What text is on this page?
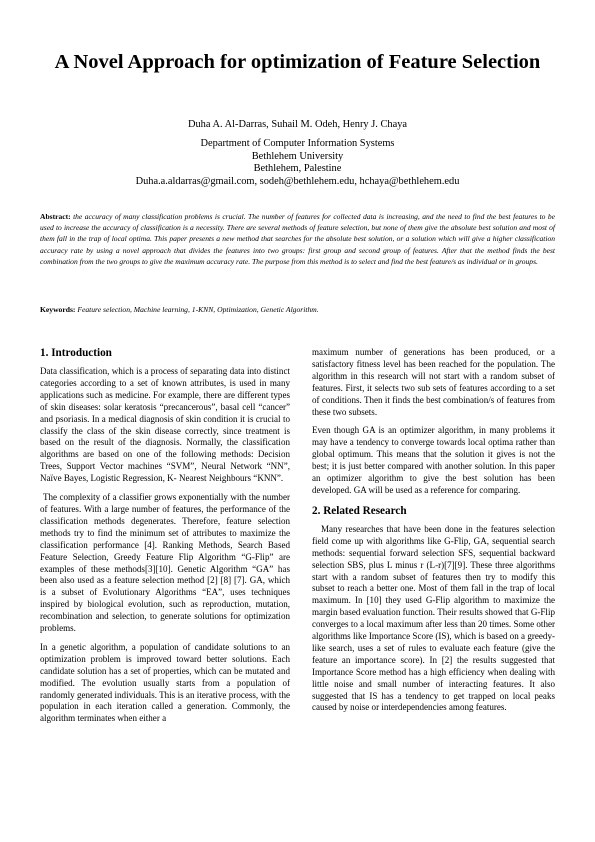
A Novel Approach for optimization of Feature Selection
Duha A. Al-Darras, Suhail M. Odeh, Henry J. Chaya
Department of Computer Information Systems
Bethlehem University
Bethlehem, Palestine
Duha.a.aldarras@gmail.com, sodeh@bethlehem.edu, hchaya@bethlehem.edu

Abstract: the accuracy of many classification problems is crucial. The number of features for collected data is increasing, and the need to find the best features to be used to increase the accuracy of classification is a necessity. There are several methods of feature selection, but none of them give the absolute best solution and most of them fall in the trap of local optima. This paper presents a new method that searches for the absolute best solution, or a solution which will give a higher classification accuracy rate by using a novel approach that divides the features into two groups: first group and second group of features. After that the method finds the best combination from the two groups to give the maximum accuracy rate. The purpose from this method is to select and find the best feature/s as individual or in groups.

Keywords: Feature selection, Machine learning, 1-KNN, Optimization, Genetic Algorithm.

1. Introduction

Data classification, which is a process of separating data into distinct categories according to a set of known attributes, is used in many applications such as medicine. For example, there are different types of skin diseases: solar keratosis “precancerous”, basal cell “cancer” and psoriasis. In a medical diagnosis of skin condition it is crucial to classify the class of the skin disease correctly, since treatment is based on the result of the diagnosis. Normally, the classification algorithms are based on one of the following methods: Decision Trees, Support Vector machines “SVM”, Neural Network “NN”, Naïve Bayes, Logistic Regression, K- Nearest Neighbours “KNN”.

The complexity of a classifier grows exponentially with the number of features. With a large number of features, the performance of the classification methods degenerates. Therefore, feature selection methods try to find the minimum set of attributes to maximize the classification performance [4]. Ranking Methods, Search Based Feature Selection, Greedy Feature Flip Algorithm “G-Flip” are examples of these methods[3][10]. Genetic Algorithm “GA” has been also used as a feature selection method [2] [8] [7]. GA, which is a subset of Evolutionary Algorithms “EA”, uses techniques inspired by biological evolution, such as reproduction, mutation, recombination and selection, to generate solutions for optimization problems.

In a genetic algorithm, a population of candidate solutions to an optimization problem is improved toward better solutions. Each candidate solution has a set of properties, which can be mutated and modified. The evolution usually starts from a population of randomly generated individuals. This is an iterative process, with the population in each iteration called a generation. Commonly, the algorithm terminates when either a

maximum number of generations has been produced, or a satisfactory fitness level has been reached for the population. The algorithm in this research will not start with a random subset of features. First, it selects two sub sets of features according to a set of conditions. Then it finds the best combination/s of features from these two subsets.

Even though GA is an optimizer algorithm, in many problems it may have a tendency to converge towards local optima rather than global optimum. This means that the solution it gives is not the best; it is just better compared with another solution. In this paper an optimizer algorithm to give the best solution has been developed. GA will be used as a reference for comparing.

2. Related Research

Many researches that have been done in the features selection field come up with algorithms like G-Flip, GA, sequential search methods: sequential forward selection SFS, sequential backward selection SBS, plus L minus r (L-r)[7][9]. These three algorithms start with a random subset of features then try to modify this subset to reach a better one. Most of them fall in the trap of local maximum. In [10] they used G-Flip algorithm to maximize the margin based evaluation function. Their results showed that G-Flip converges to a local maximum after less than 20 times. Some other algorithms like Importance Score (IS), which is based on a greedy-like search, uses a set of rules to evaluate each feature (give the feature an importance score). In [2] the results suggested that Importance Score method has a high efficiency when dealing with little noise and small number of interacting features. It also suggested that IS has a tendency to get trapped on local peaks caused by noise or interdependencies among features.
